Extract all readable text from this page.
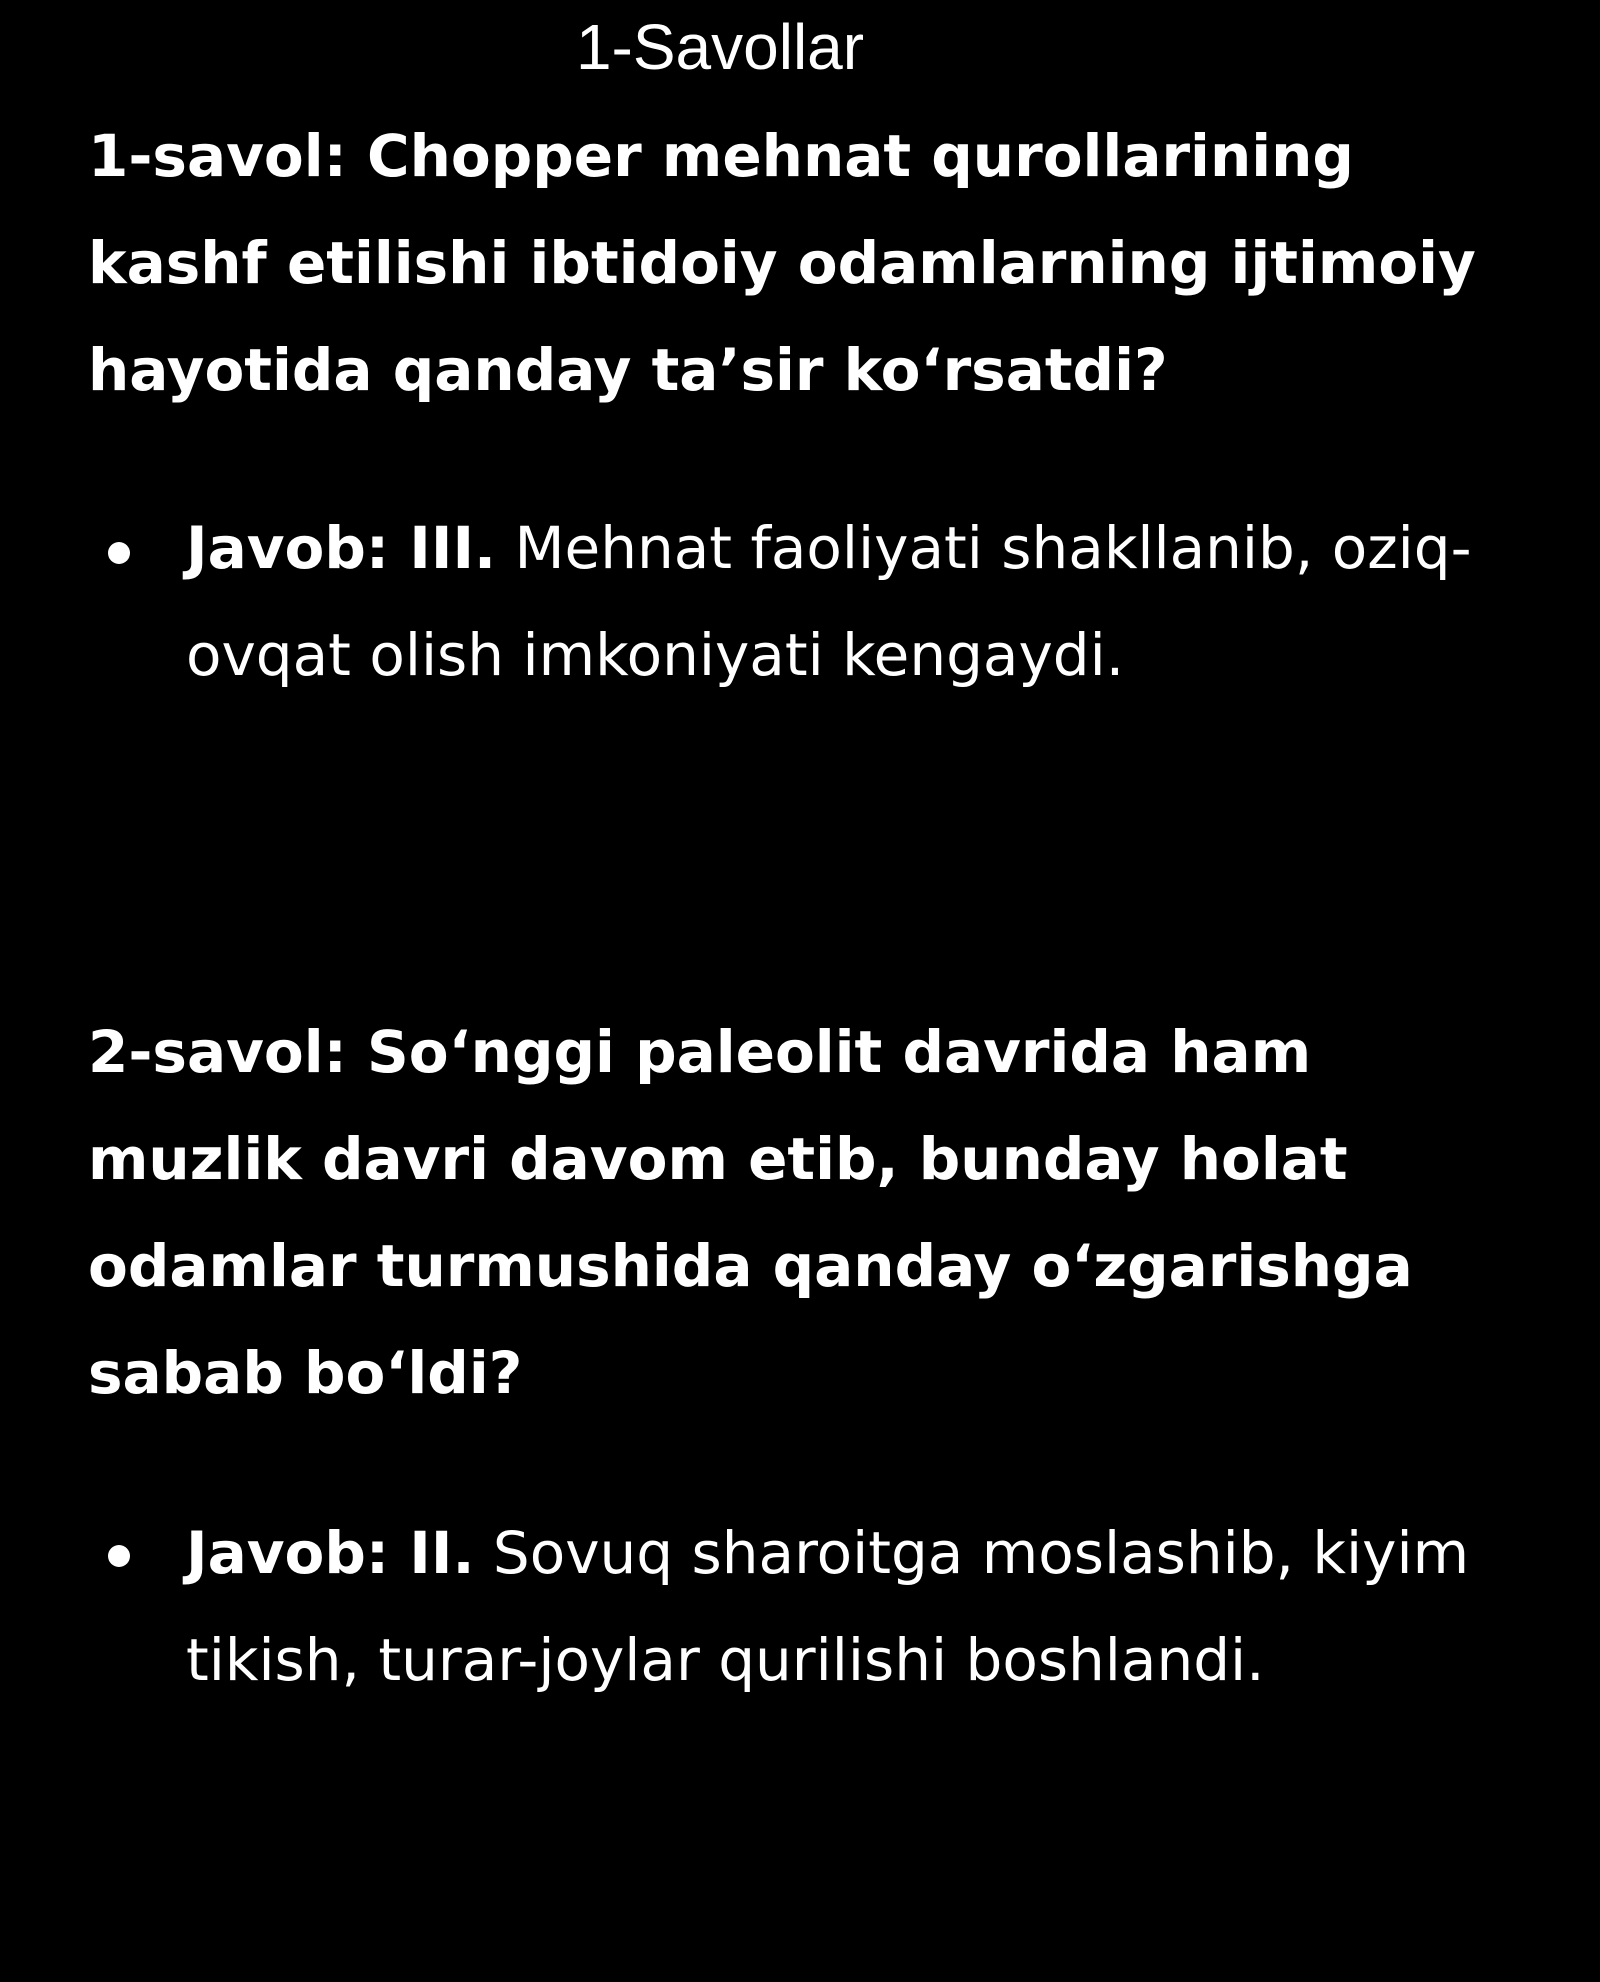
1-Savollar
1-savol: Chopper mehnat qurollarining kashf etilishi ibtidoiy odamlarning ijtimoiy hayotida qanday ta’sir ko‘rsatdi?
Javob: III. Mehnat faoliyati shakllanib, oziq-ovqat olish imkoniyati kengaydi.
2-savol: So‘nggi paleolit davrida ham muzlik davri davom etib, bunday holat odamlar turmushida qanday o‘zgarishga sabab bo‘ldi?
Javob: II. Sovuq sharoitga moslashib, kiyim tikish, turar-joylar qurilishi boshlandi.
